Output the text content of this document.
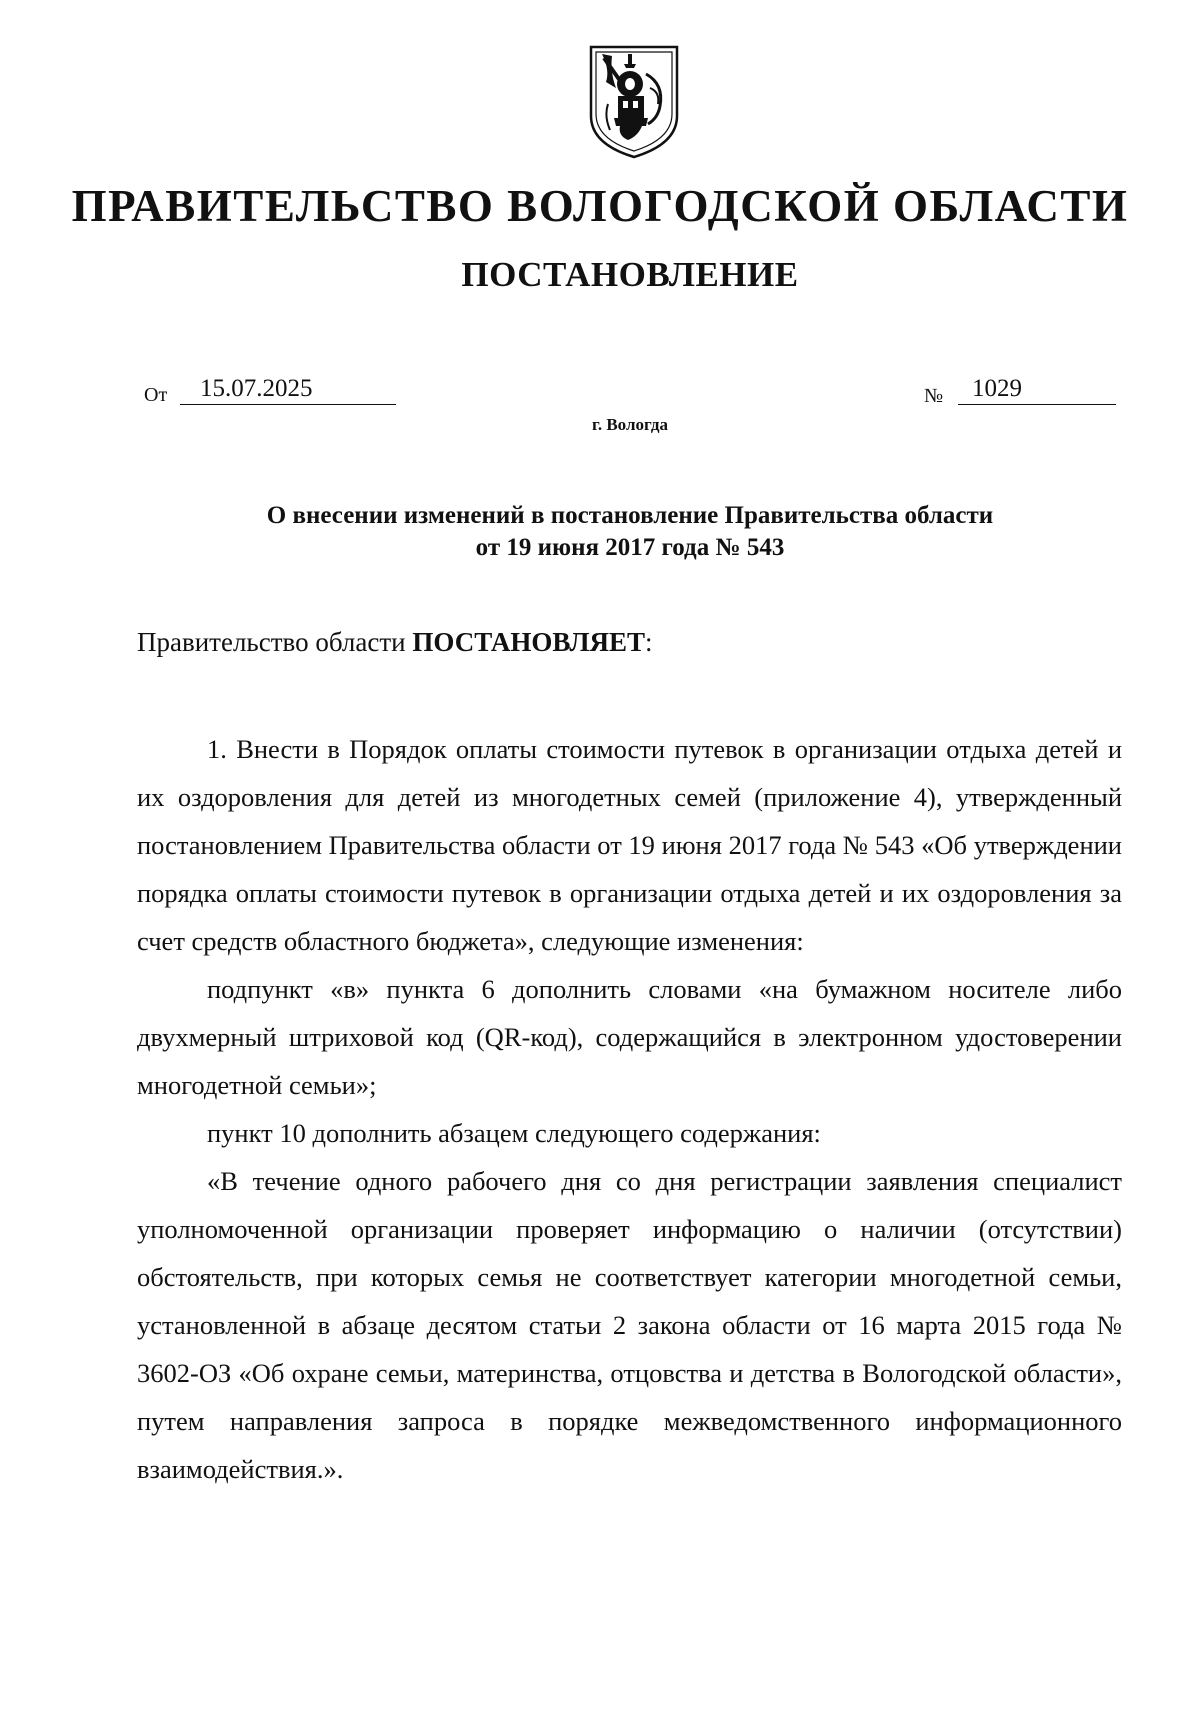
ПРАВИТЕЛЬСТВО ВОЛОГОДСКОЙ ОБЛАСТИ
ПОСТАНОВЛЕНИЕ
От	15.07.2025	№	1029
г. Вологда
О внесении изменений в постановление Правительства области
от 19 июня 2017 года № 543

Правительство области ПОСТАНОВЛЯЕТ:

1. Внести в Порядок оплаты стоимости путевок в организации отдыха детей и их оздоровления для детей из многодетных семей (приложение 4), утвержденный постановлением Правительства области от 19 июня 2017 года № 543 «Об утверждении порядка оплаты стоимости путевок в организации отдыха детей и их оздоровления за счет средств областного бюджета», следующие изменения:

подпункт «в» пункта 6 дополнить словами «на бумажном носителе либо двухмерный штриховой код (QR-код), содержащийся в электронном удостоверении многодетной семьи»;

пункт 10 дополнить абзацем следующего содержания:

«В течение одного рабочего дня со дня регистрации заявления специалист уполномоченной организации проверяет информацию о наличии (отсутствии) обстоятельств, при которых семья не соответствует категории многодетной семьи, установленной в абзаце десятом статьи 2 закона области от 16 марта 2015 года № 3602-ОЗ «Об охране семьи, материнства, отцовства и детства в Вологодской области», путем направления запроса в порядке межведомственного информационного взаимодействия.».
